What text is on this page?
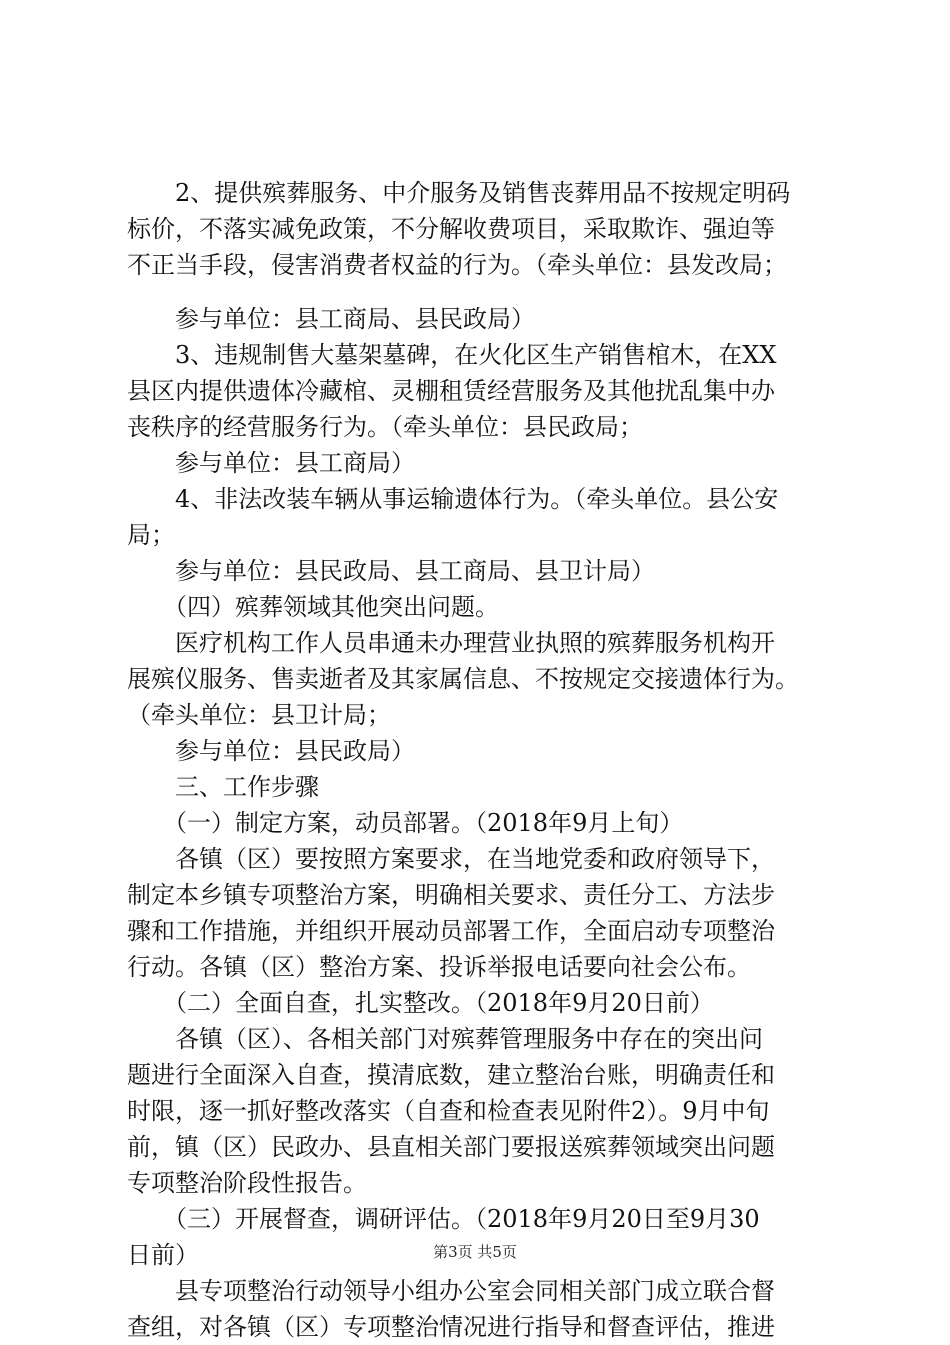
　　2、提供殡葬服务、中介服务及销售丧葬用品不按规定明码
标价，不落实减免政策，不分解收费项目，采取欺诈、强迫等
不正当手段，侵害消费者权益的行为。（牵头单位：县发改局；
　　参与单位：县工商局、县民政局）
　　3、违规制售大墓架墓碑，在火化区生产销售棺木，在XX
县区内提供遗体冷藏棺、灵棚租赁经营服务及其他扰乱集中办
丧秩序的经营服务行为。（牵头单位：县民政局；
　　参与单位：县工商局）
　　4、非法改装车辆从事运输遗体行为。（牵头单位。县公安
局；
　　参与单位：县民政局、县工商局、县卫计局）
　　（四）殡葬领域其他突出问题。
　　医疗机构工作人员串通未办理营业执照的殡葬服务机构开
展殡仪服务、售卖逝者及其家属信息、不按规定交接遗体行为。
（牵头单位：县卫计局；
　　参与单位：县民政局）
　　三、工作步骤
　　（一）制定方案，动员部署。（2018年9月上旬）
　　各镇（区）要按照方案要求，在当地党委和政府领导下，
制定本乡镇专项整治方案，明确相关要求、责任分工、方法步
骤和工作措施，并组织开展动员部署工作，全面启动专项整治
行动。各镇（区）整治方案、投诉举报电话要向社会公布。
　　（二）全面自查，扎实整改。（2018年9月20日前）
　　各镇（区）、各相关部门对殡葬管理服务中存在的突出问
题进行全面深入自查，摸清底数，建立整治台账，明确责任和
时限，逐一抓好整改落实（自查和检查表见附件2）。9月中旬
前，镇（区）民政办、县直相关部门要报送殡葬领域突出问题
专项整治阶段性报告。
　　（三）开展督查，调研评估。（2018年9月20日至9月30
日前）
　　县专项整治行动领导小组办公室会同相关部门成立联合督
查组，对各镇（区）专项整治情况进行指导和督查评估，推进
第3页 共5页
